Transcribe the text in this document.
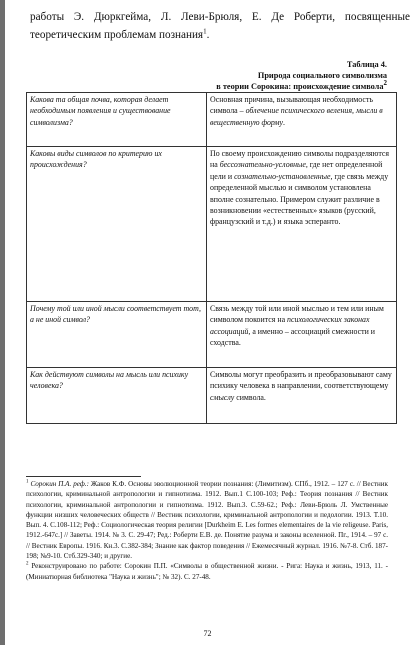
работы Э. Дюркгейма, Л. Леви-Брюля, Е. Де Роберти, посвященные теоретическим проблемам познания$^1$.
Таблица 4.
Природа социального символизма
в теории Сорокина: происхождение символа$^2$
Какова та общая почва, которая делает необходимым появления и существование символизма?	Основная причина, вызывающая необходимость символа – облечение психического веления, мысли в вещественную форму.
Каковы виды символов по критерию их происхождения?	По своему происхождению символы подразделяются на бессознательно-условные, где нет определенной цели и сознательно-установленные, где связь между определенной мыслью и символом установлена вполне сознательно. Примером служит различие в возникновении «естественных» языков (русский, французский и т.д.) и языка эсперанто.
Почему той или иной мысли соответствует тот, а не иной символ?	Связь между той или иной мыслью и тем или иным символом покоится на психологических законах ассоциаций, а именно – ассоциаций смежности и сходства.
Как действуют символы на мысль или психику человека?	Символы могут преобразить и преобразовывают саму психику человека в направлении, соответствующему смыслу символа.

$^1$ Сорокин П.А. реф.: Жаков К.Ф. Основы эволюционной теории познания: (Лимитизм). СПб., 1912. – 127 с. // Вестник психологии, криминальной антропологии и гипнотизма. 1912. Вып.1 С.100-103; Реф.: Теория познания // Вестник психологии, криминальной антропологии и гипнотизма. 1912. Вып.3. С.59-62.; Реф.: Леви-Брюль Л. Умственные функции низших человеческих обществ // Вестник психологии, криминальной антропологии и педологии. 1913. Т.10. Вып. 4. С.108-112; Реф.: Социологическая теория религии [Durkheim E. Les formes elementaires de la vie religeuse. Paris, 1912.-647c.] // Заветы. 1914. № 3. С. 29-47; Ред.: Роберти Е.В. де. Понятие разума и законы вселенной. Пг., 1914. – 97 с. // Вестник Европы. 1916. Кн.3. С.382-384; Знание как фактор поведения // Ежемесячный журнал. 1916. №7-8. Стб. 187-198; №9-10. Стб.329-340; и другие.

$^2$ Реконструировано по работе: Сорокин П.П. «Символы в общественной жизни. - Рига: Наука и жизнь, 1913, 11. - (Миниатюрная библиотека "Наука и жизнь"; № 32). С. 27-48.

72
